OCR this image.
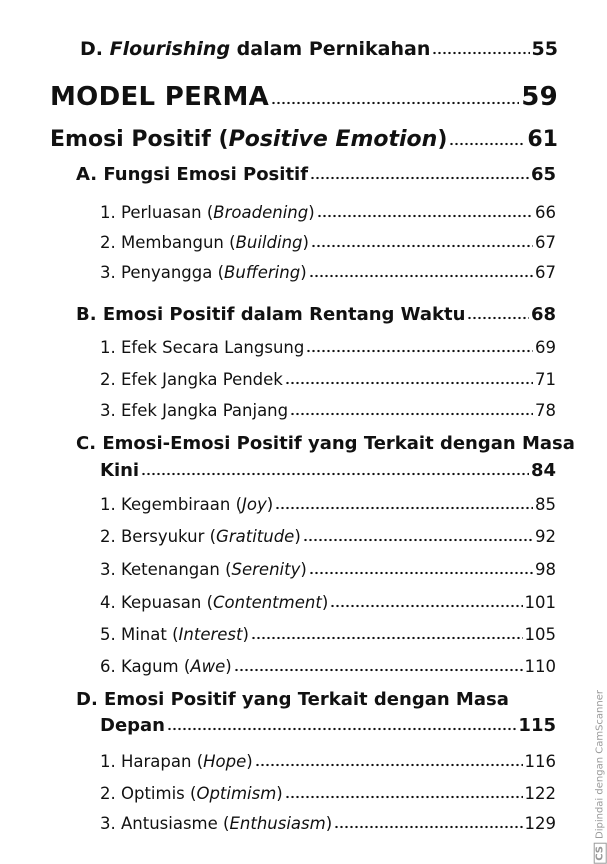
D. Flourishing dalam Pernikahan	55
MODEL PERMA	59
Emosi Positif (Positive Emotion)	61
A. Fungsi Emosi Positif	65
1. Perluasan (Broadening)	66
2. Membangun (Building)	67
3. Penyangga (Buffering)	67
B. Emosi Positif dalam Rentang Waktu	68
1. Efek Secara Langsung	69
2. Efek Jangka Pendek	71
3. Efek Jangka Panjang	78
C. Emosi-Emosi Positif yang Terkait dengan Masa
Kini	84
1. Kegembiraan (Joy)	85
2. Bersyukur (Gratitude)	92
3. Ketenangan (Serenity)	98
4. Kepuasan (Contentment)	101
5. Minat (Interest)	105
6. Kagum (Awe)	110
D. Emosi Positif yang Terkait dengan Masa
Depan	115
1. Harapan (Hope)	116
2. Optimis (Optimism)	122
3. Antusiasme (Enthusiasm)	129
CSDipindai dengan CamScanner
